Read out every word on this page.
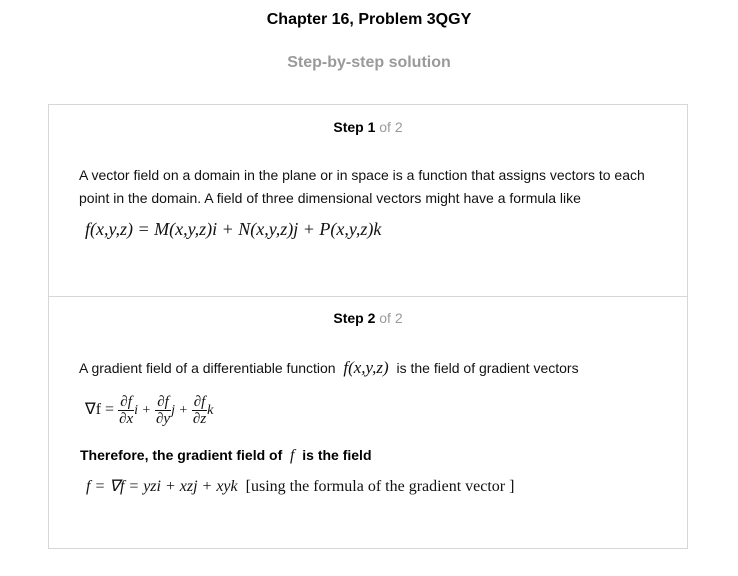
Chapter 16, Problem 3QGY
Step-by-step solution
Step 1 of 2
A vector field on a domain in the plane or in space is a function that assigns vectors to each point in the domain. A field of three dimensional vectors might have a formula like
f(x,y,z) = M(x,y,z)i + N(x,y,z)j + P(x,y,z)k
Step 2 of 2
A gradient field of a differentiable function f(x,y,z) is the field of gradient vectors
$\nabla f = \frac{\partial f}{\partial x}$ $i + \frac{\partial f}{\partial y}$ $j + \frac{\partial f}{\partial z}$ k
Therefore, the gradient field of f is the field
f = ∇f = yzi + xzj + xyk [using the formula of the gradient vector ]
